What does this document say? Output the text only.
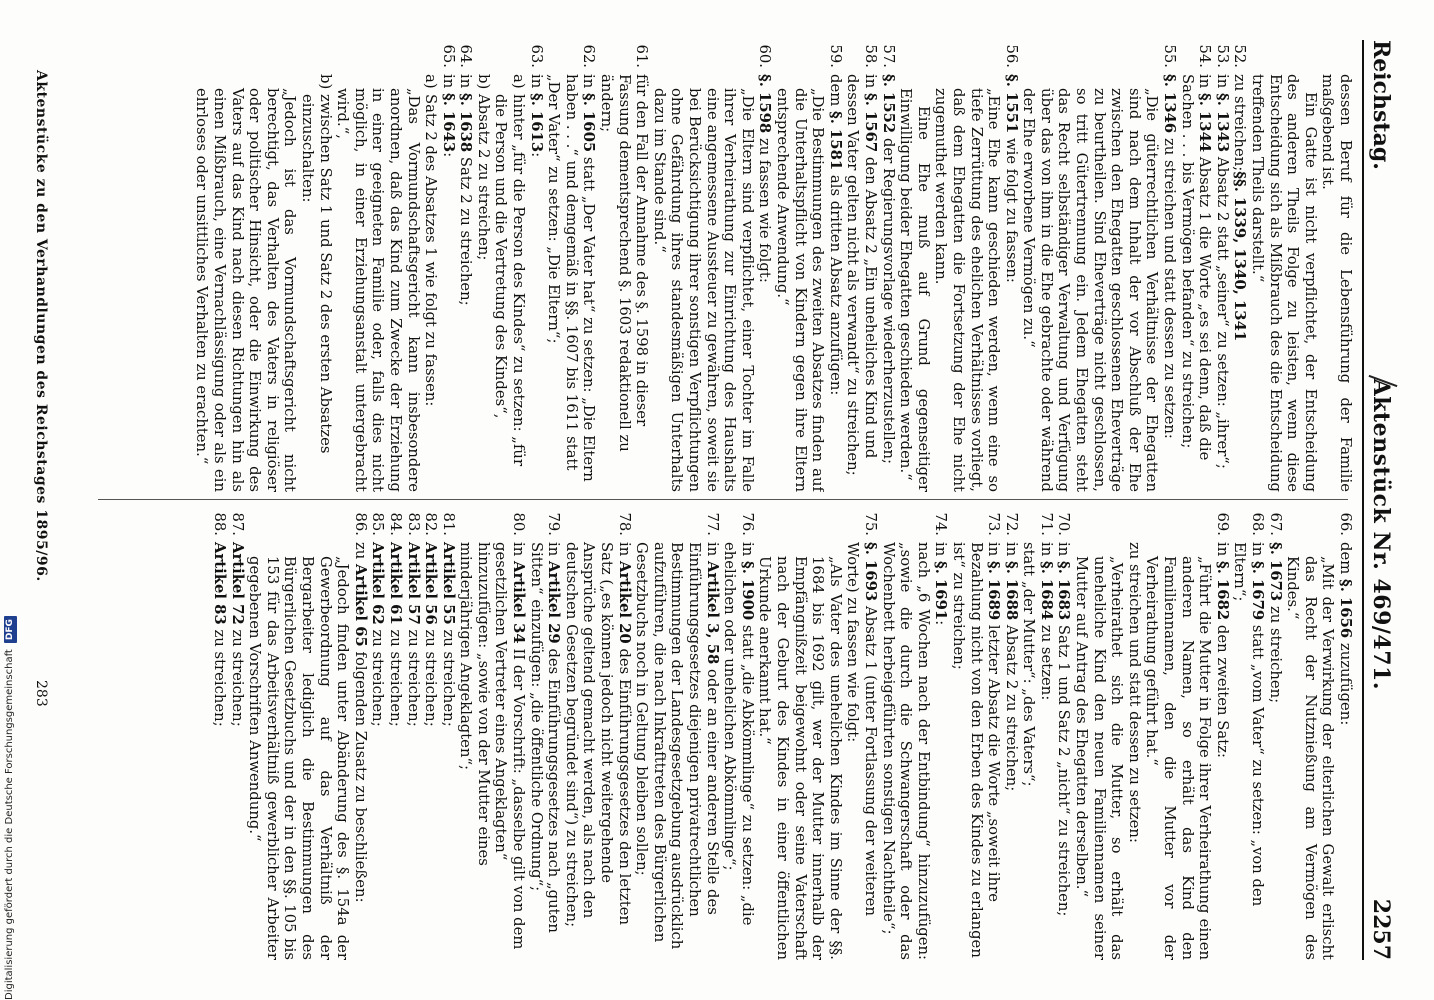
Reichstag.
Aktenstück Nr. 469/471.
2257

dessen Beruf für die Lebensführung der Familie maßgebend ist.

Ein Gatte ist nicht verpflichtet, der Entscheidung des anderen Theils Folge zu leisten, wenn diese Entscheidung sich als Mißbrauch des die Entscheidung treffenden Theils darstellt.“

52.
zu streichen;§§. 1339, 1340, 1341
53.
in §. 1343 Absatz 2 statt „seiner“ zu setzen: „ihrer“;
54.
in §. 1344 Absatz 1 die Worte „es sei denn, daß die Sachen . . . bis Vermögen befanden“ zu streichen;
55.
§. 1346 zu streichen und statt dessen zu setzen:

„Die güterrechtlichen Verhältnisse der Ehegatten sind nach dem Inhalt der vor Abschluß der Ehe zwischen den Ehegatten geschlossenen Eheverträge zu beurtheilen. Sind Eheverträge nicht geschlossen, so tritt Gütertrennung ein. Jedem Ehegatten steht das Recht selbständiger Verwaltung und Verfügung über das von ihm in die Ehe gebrachte oder während der Ehe erworbene Vermögen zu.“

56.
§. 1551 wie folgt zu fassen:

„Eine Ehe kann geschieden werden, wenn eine so tiefe Zerrüttung des ehelichen Verhältnisses vorliegt, daß dem Ehegatten die Fortsetzung der Ehe nicht zugemuthet werden kann.

Eine Ehe muß auf Grund gegenseitiger Einwilligung beider Ehegatten geschieden werden.“

57.
§. 1552 der Regierungsvorlage wiederherzustellen;
58.
in §. 1567 den Absatz 2 „Ein uneheliches Kind und dessen Vater gelten nicht als verwandt“ zu streichen;
59.
dem §. 1581 als dritten Absatz anzufügen:

„Die Bestimmungen des zweiten Absatzes finden auf die Unterhaltspflicht von Kindern gegen ihre Eltern entsprechende Anwendung.“

60.
§. 1598 zu fassen wie folgt:

„Die Eltern sind verpflichtet, einer Tochter im Falle ihrer Verheirathung zur Einrichtung des Haushalts eine angemessene Aussteuer zu gewähren, soweit sie bei Berücksichtigung ihrer sonstigen Verpflichtungen ohne Gefährdung ihres standesmäßigen Unterhalts dazu im Stande sind.“

61.
für den Fall der Annahme des §. 1598 in dieser Fassung dementsprechend §. 1603 redaktionell zu ändern;
62.
in §. 1605 statt „Der Vater hat“ zu setzen: „Die Eltern haben . . .“ und demgemäß in §§. 1607 bis 1611 statt „Der Vater“ zu setzen: „Die Eltern“;
63.
in §. 1613:
a)
hinter „für die Person des Kindes“ zu setzen: „für die Person und die Vertretung des Kindes“,
b)
Absatz 2 zu streichen;
64.
in §. 1638 Satz 2 zu streichen;
65.
in §. 1643:
a)
Satz 2 des Absatzes 1 wie folgt zu fassen:

„Das Vormundschaftsgericht kann insbesondere anordnen, daß das Kind zum Zwecke der Erziehung in einer geeigneten Familie oder, falls dies nicht möglich, in einer Erziehungsanstalt untergebracht wird.“,

b)
zwischen Satz 1 und Satz 2 des ersten Absatzes einzuschalten:

„Jedoch ist das Vormundschaftsgericht nicht berechtigt, das Verhalten des Vaters in religiöser oder politischer Hinsicht, oder die Einwirkung des Vaters auf das Kind nach diesen Richtungen hin als einen Mißbrauch, eine Vernachlässigung oder als ein ehrloses oder unsittliches Verhalten zu erachten.“

66.
dem §. 1656 zuzufügen:

„Mit der Verwirkung der elterlichen Gewalt erlischt das Recht der Nutznießung am Vermögen des Kindes.“

67.
§. 1673 zu streichen;
68.
in §. 1679 statt „vom Vater“ zu setzen: „von den Eltern“;
69.
in §. 1682 den zweiten Satz:

„Führt die Mutter in Folge ihrer Verheirathung einen anderen Namen, so erhält das Kind den Familiennamen, den die Mutter vor der Verheirathung geführt hat.“

zu streichen und statt dessen zu setzen:

„Verheirathet sich die Mutter, so erhält das uneheliche Kind den neuen Familiennamen seiner Mutter auf Antrag des Ehegatten derselben.“

70.
in §. 1683 Satz 1 und Satz 2 „nicht“ zu streichen;
71.
in §. 1684 zu setzen:

statt „der Mutter“: „des Vaters“;

72.
in §. 1688 Absatz 2 zu streichen;
73.
in §. 1689 letzter Absatz die Worte „soweit ihre Bezahlung nicht von den Erben des Kindes zu erlangen ist“ zu streichen;
74.
in §. 1691:

nach „6 Wochen nach der Entbindung“ hinzuzufügen: „sowie die durch die Schwangerschaft oder das Wochenbett herbeigeführten sonstigen Nachtheile“;

75.
§. 1693 Absatz 1 (unter Fortlassung der weiteren Worte) zu fassen wie folgt:

„Als Vater des unehelichen Kindes im Sinne der §§. 1684 bis 1692 gilt, wer der Mutter innerhalb der Empfängnißzeit beigewohnt oder seine Vaterschaft nach der Geburt des Kindes in einer öffentlichen Urkunde anerkannt hat.“

76.
in §. 1900 statt „die Abkömmlinge“ zu setzen: „die ehelichen oder unehelichen Abkömmlinge“;
77.
in Artikel 3, 58 oder an einer anderen Stelle des Einführungsgesetzes diejenigen privatrechtlichen Bestimmungen der Landesgesetzgebung ausdrücklich aufzuführen, die nach Inkrafttreten des Bürgerlichen Gesetzbuchs noch in Geltung bleiben sollen;
78.
in Artikel 20 des Einführungsgesetzes den letzten Satz („es können jedoch nicht weitergehende Ansprüche geltend gemacht werden, als nach den deutschen Gesetzen begründet sind“) zu streichen;
79.
in Artikel 29 des Einführungsgesetzes nach „guten Sitten“ einzufügen: „die öffentliche Ordnung“;
80.
in Artikel 34 II der Vorschrift: „dasselbe gilt von dem gesetzlichen Vertreter eines Angeklagten“ hinzuzufügen: „sowie von der Mutter eines minderjährigen Angeklagten“;
81.
Artikel 55 zu streichen;
82.
Artikel 56 zu streichen;
83.
Artikel 57 zu streichen;
84.
Artikel 61 zu streichen;
85.
Artikel 62 zu streichen;
86.
zu Artikel 65 folgenden Zusatz zu beschließen:

„Jedoch finden unter Abänderung des §. 154a der Gewerbeordnung auf das Verhältniß der Bergarbeiter lediglich die Bestimmungen des Bürgerlichen Gesetzbuchs und der in den §§. 105 bis 153 für das Arbeitsverhältniß gewerblicher Arbeiter gegebenen Vorschriften Anwendung.“

87.
Artikel 72 zu streichen;
88.
Artikel 83 zu streichen;
Aktenstücke zu den Verhandlungen des Reichstages 1895/96.
283
Digitalisierung gefördert durch die Deutsche Forschungsgemeinschaft
DFG
